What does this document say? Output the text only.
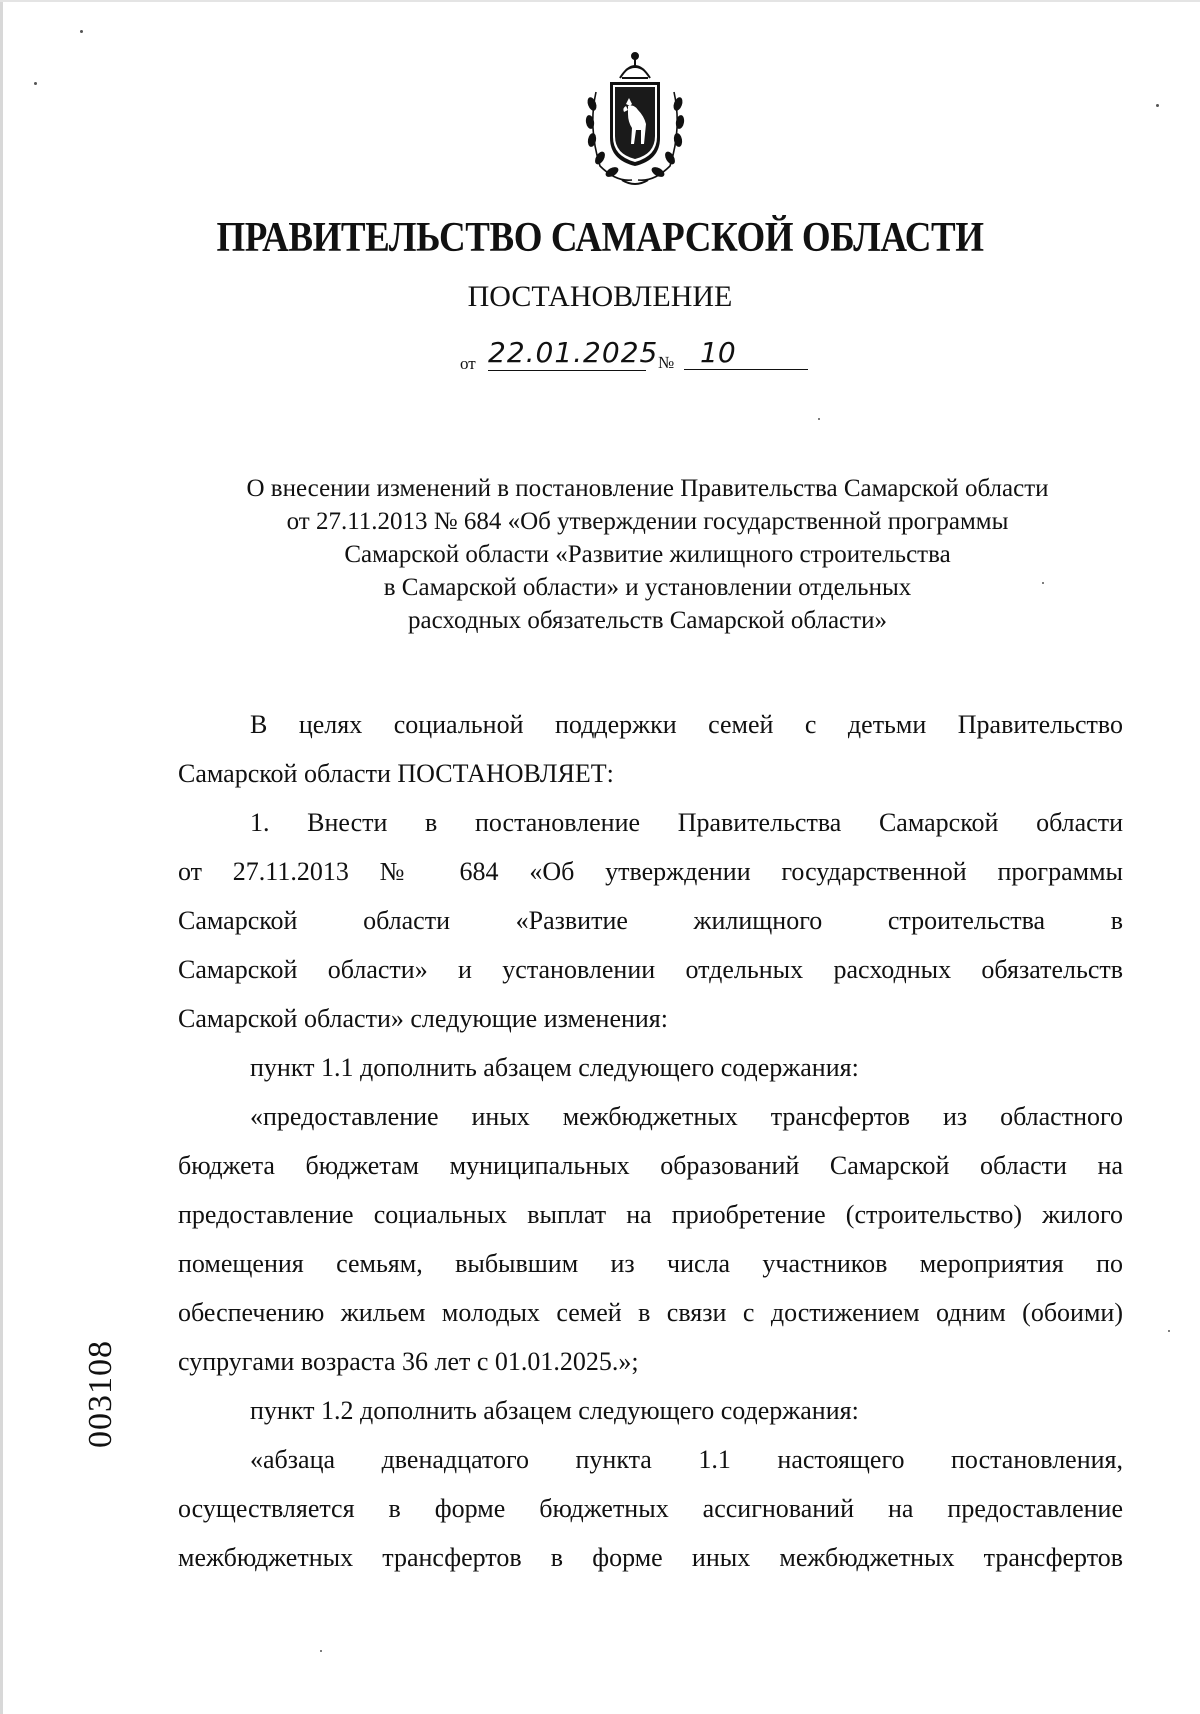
ПРАВИТЕЛЬСТВО САМАРСКОЙ ОБЛАСТИ
ПОСТАНОВЛЕНИЕ
от 22.01.2025 № 10
О внесении изменений в постановление Правительства Самарской области
от 27.11.2013 № 684 «Об утверждении государственной программы
Самарской области «Развитие жилищного строительства
в Самарской области» и установлении отдельных
расходных обязательств Самарской области»
В целях социальной поддержки семей с детьми Правительство
Самарской области ПОСТАНОВЛЯЕТ:
1. Внести в постановление Правительства Самарской области
от 27.11.2013 № 684 «Об утверждении государственной программы
Самарской области «Развитие жилищного строительства в
Самарской области» и установлении отдельных расходных обязательств
Самарской области» следующие изменения:
пункт 1.1 дополнить абзацем следующего содержания:
«предоставление иных межбюджетных трансфертов из областного
бюджета бюджетам муниципальных образований Самарской области на
предоставление социальных выплат на приобретение (строительство) жилого
помещения семьям, выбывшим из числа участников мероприятия по
обеспечению жильем молодых семей в связи с достижением одним (обоими)
супругами возраста 36 лет с 01.01.2025.»;
пункт 1.2 дополнить абзацем следующего содержания:
«абзаца двенадцатого пункта 1.1 настоящего постановления,
осуществляется в форме бюджетных ассигнований на предоставление
межбюджетных трансфертов в форме иных межбюджетных трансфертов
003108
